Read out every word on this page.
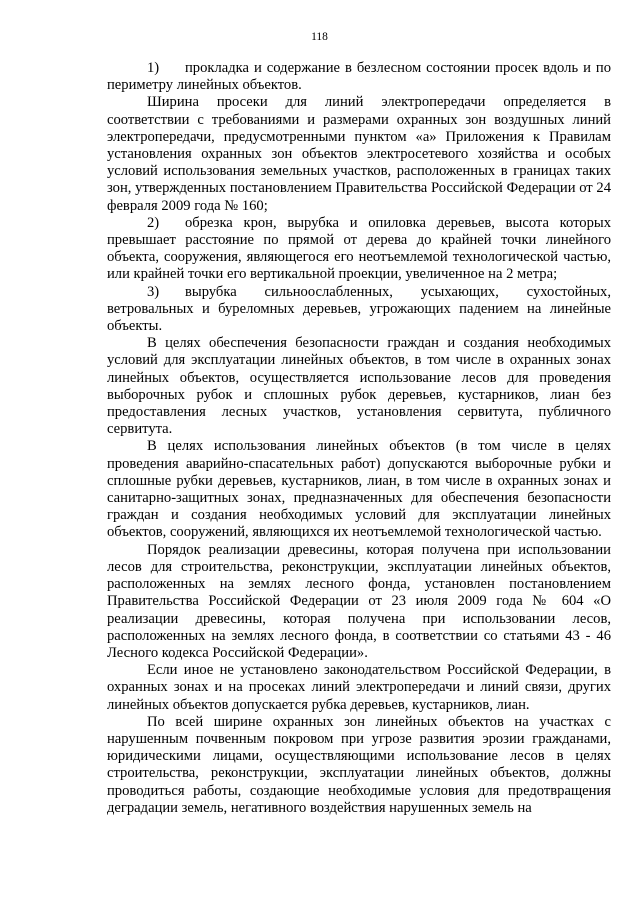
118

1) прокладка и содержание в безлесном состоянии просек вдоль и по периметру линейных объектов.

Ширина просеки для линий электропередачи определяется в соответствии с требованиями и размерами охранных зон воздушных линий электропередачи, предусмотренными пунктом «а» Приложения к Правилам установления охранных зон объектов электросетевого хозяйства и особых условий использования земельных участков, расположенных в границах таких зон, утвержденных постановлением Правительства Российской Федерации от 24 февраля 2009 года № 160;

2) обрезка крон, вырубка и опиловка деревьев, высота которых превышает расстояние по прямой от дерева до крайней точки линейного объекта, сооружения, являющегося его неотъемлемой технологической частью, или крайней точки его вертикальной проекции, увеличенное на 2 метра;

3) вырубка сильноослабленных, усыхающих, сухостойных, ветровальных и буреломных деревьев, угрожающих падением на линейные объекты.

В целях обеспечения безопасности граждан и создания необходимых условий для эксплуатации линейных объектов, в том числе в охранных зонах линейных объектов, осуществляется использование лесов для проведения выборочных рубок и сплошных рубок деревьев, кустарников, лиан без предоставления лесных участков, установления сервитута, публичного сервитута.

В целях использования линейных объектов (в том числе в целях проведения аварийно-спасательных работ) допускаются выборочные рубки и сплошные рубки деревьев, кустарников, лиан, в том числе в охранных зонах и санитарно-защитных зонах, предназначенных для обеспечения безопасности граждан и создания необходимых условий для эксплуатации линейных объектов, сооружений, являющихся их неотъемлемой технологической частью.

Порядок реализации древесины, которая получена при использовании лесов для строительства, реконструкции, эксплуатации линейных объектов, расположенных на землях лесного фонда, установлен постановлением Правительства Российской Федерации от 23 июля 2009 года № 604 «О реализации древесины, которая получена при использовании лесов, расположенных на землях лесного фонда, в соответствии со статьями 43 - 46 Лесного кодекса Российской Федерации».

Если иное не установлено законодательством Российской Федерации, в охранных зонах и на просеках линий электропередачи и линий связи, других линейных объектов допускается рубка деревьев, кустарников, лиан.

По всей ширине охранных зон линейных объектов на участках с нарушенным почвенным покровом при угрозе развития эрозии гражданами, юридическими лицами, осуществляющими использование лесов в целях строительства, реконструкции, эксплуатации линейных объектов, должны проводиться работы, создающие необходимые условия для предотвращения деградации земель, негативного воздействия нарушенных земель на
